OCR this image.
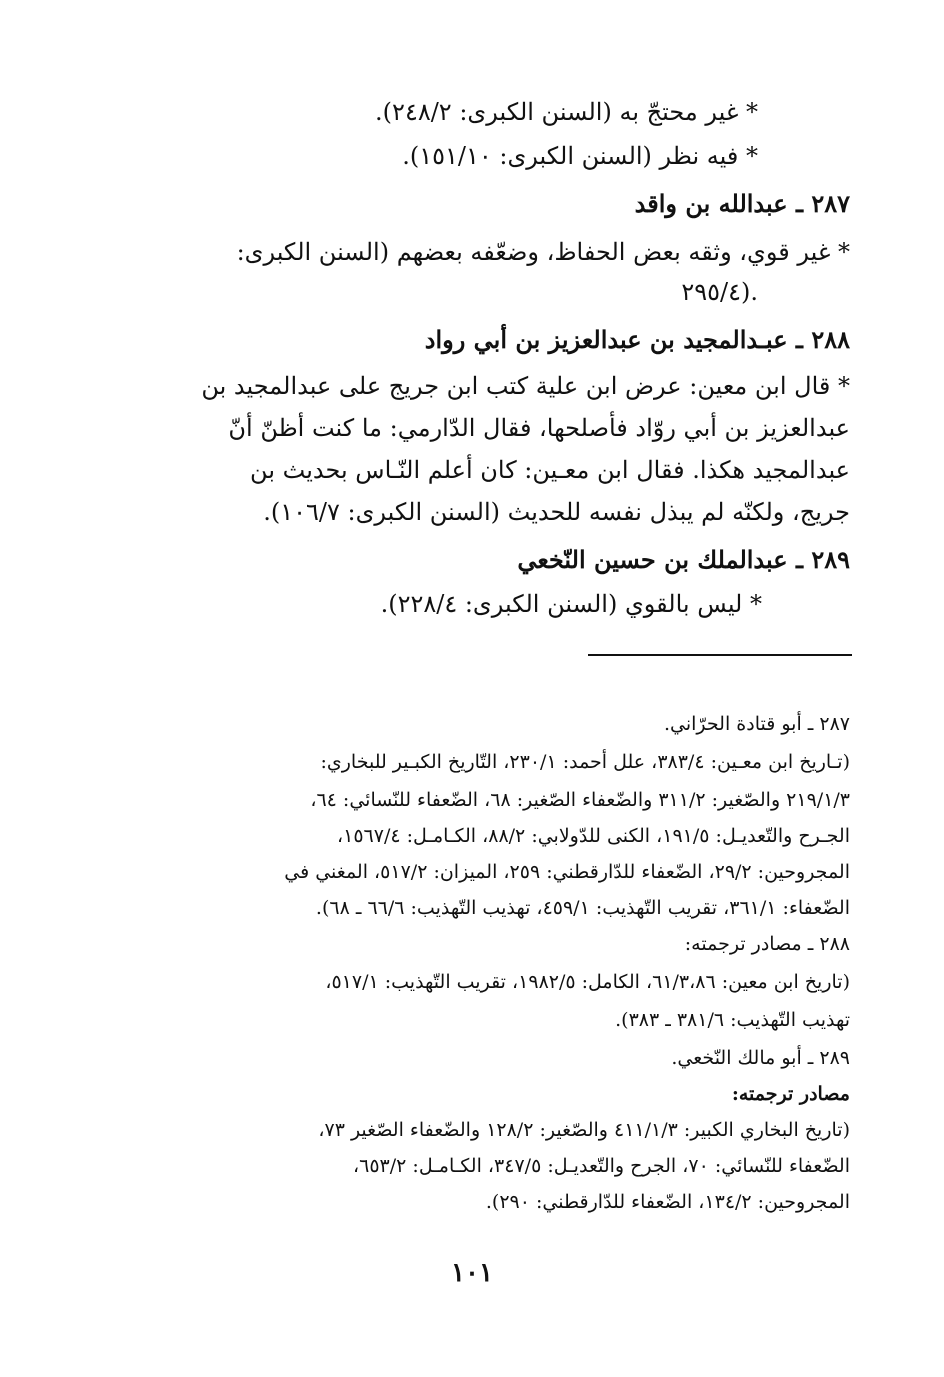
* غير محتجّ به (السنن الكبرى: ٢٤٨/٢).

* فيه نظر (السنن الكبرى: ١٥١/١٠).

٢٨٧ ـ عبدالله بن واقد

* غير قوي، وثقه بعض الحفاظ، وضعّفه بعضهم (السنن الكبرى:

٢٩٥/٤).

٢٨٨ ـ عبـدالمجيد بن عبدالعزيز بن أبي رواد

* قال ابن معين: عرض ابن علية كتب ابن جريج على عبدالمجيد بن

عبدالعزيز بن أبي روّاد فأصلحها، فقال الدّارمي: ما كنت أظنّ أنّ

عبدالمجيد هكذا. فقال ابن معـين: كان أعلم النّـاس بحديث بن

جريج، ولكنّه لم يبذل نفسه للحديث (السنن الكبرى: ١٠٦/٧).

٢٨٩ ـ عبدالملك بن حسين النّخعي

* ليس بالقوي (السنن الكبرى: ٢٢٨/٤).

٢٨٧ ـ أبو قتادة الحرّاني.

(تـاريخ ابن معـين: ٣٨٣/٤، علل أحمد: ٢٣٠/١، التّاريخ الكبـير للبخاري:

٢١٩/١/٣ والصّغير: ٣١١/٢ والضّعفاء الصّغير: ٦٨، الضّعفاء للنّسائي: ٦٤،

الجـرح والتّعديـل: ١٩١/٥، الكنى للدّولابي: ٨٨/٢، الكـامـل: ١٥٦٧/٤،

المجروحين: ٢٩/٢، الضّعفاء للدّارقطني: ٢٥٩، الميزان: ٥١٧/٢، المغني في

الضّعفاء: ٣٦١/١، تقريب التّهذيب: ٤٥٩/١، تهذيب التّهذيب: ٦٦/٦ ـ ٦٨).

٢٨٨ ـ مصادر ترجمته:

(تاريخ ابن معين: ٦١/٣،٨٦، الكامل: ١٩٨٢/٥، تقريب التّهذيب: ٥١٧/١،

تهذيب التّهذيب: ٣٨١/٦ ـ ٣٨٣).

٢٨٩ ـ أبو مالك النّخعي.

مصادر ترجمته:

(تاريخ البخاري الكبير: ٤١١/١/٣ والصّغير: ١٢٨/٢ والضّعفاء الصّغير ٧٣،

الضّعفاء للنّسائي: ٧٠، الجرح والتّعديـل: ٣٤٧/٥، الكـامـل: ٦٥٣/٢،

المجروحين: ١٣٤/٢، الضّعفاء للدّارقطني: ٢٩٠).

١٠١
